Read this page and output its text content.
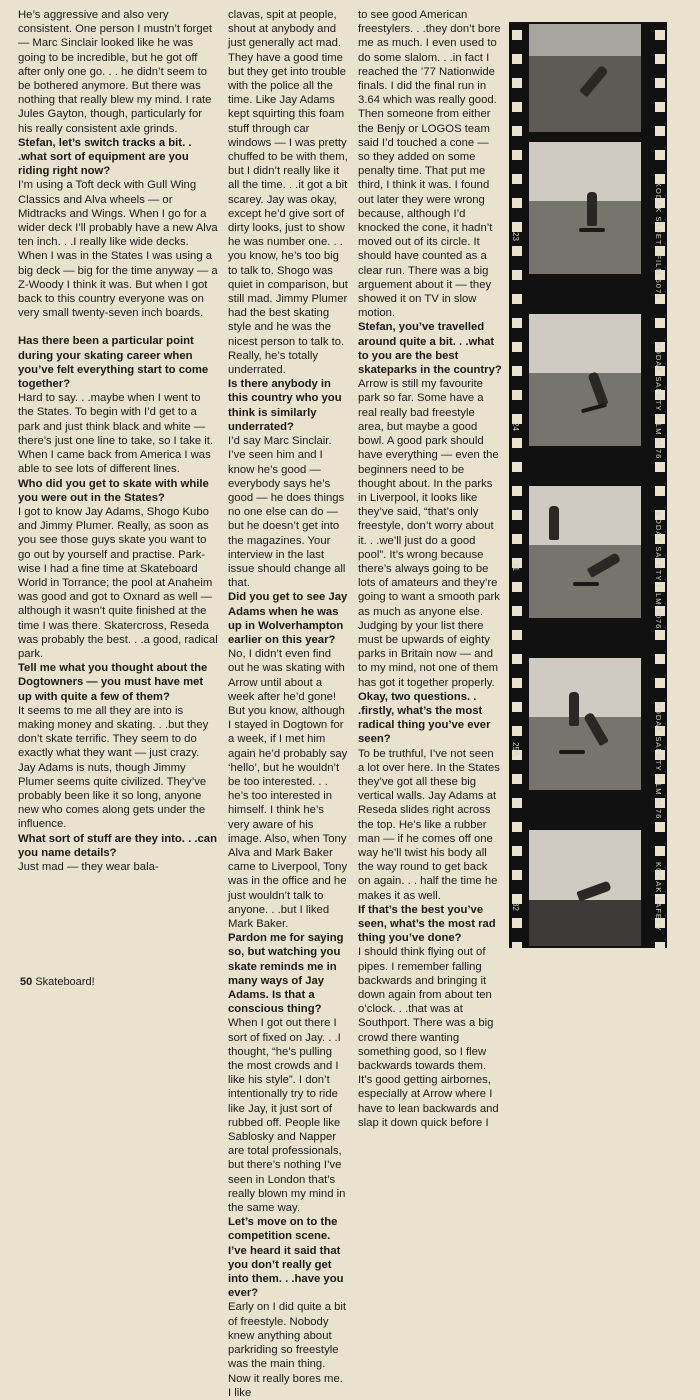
He’s aggressive and also very consistent. One person I mustn’t forget — Marc Sinclair looked like he was going to be incredible, but he got off after only one go. . . he didn’t seem to be bothered anymore. But there was nothing that really blew my mind. I rate Jules Gayton, though, particularly for his really consistent axle grinds.

Stefan, let’s switch tracks a bit. . .what sort of equipment are you riding right now?

I’m using a Toft deck with Gull Wing Classics and Alva wheels — or Midtracks and Wings. When I go for a wider deck I’ll probably have a new Alva ten inch. . .I really like wide decks. When I was in the States I was using a big deck — big for the time anyway — a Z-Woody I think it was. But when I got back to this country everyone was on very small twenty-seven inch boards.

Has there been a particular point during your skating career when you’ve felt everything start to come together?

Hard to say. . .maybe when I went to the States. To begin with I’d get to a park and just think black and white — there’s just one line to take, so I take it. When I came back from America I was able to see lots of different lines.

Who did you get to skate with while you were out in the States?

I got to know Jay Adams, Shogo Kubo and Jimmy Plumer. Really, as soon as you see those guys skate you want to go out by yourself and practise. Park-wise I had a fine time at Skateboard World in Torrance; the pool at Anaheim was good and got to Oxnard as well — although it wasn’t quite finished at the time I was there. Skatercross, Reseda was probably the best. . .a good, radical park.

Tell me what you thought about the Dogtowners — you must have met up with quite a few of them?

It seems to me all they are into is making money and skating. . .but they don’t skate terrific. They seem to do exactly what they want — just crazy. Jay Adams is nuts, though Jimmy Plumer seems quite civilized. They’ve probably been like it so long, anyone new who comes along gets under the influence.

What sort of stuff are they into. . .can you name details?

Just mad — they wear bala-

clavas, spit at people, shout at anybody and just generally act mad. They have a good time but they get into trouble with the police all the time. Like Jay Adams kept squirting this foam stuff through car windows — I was pretty chuffed to be with them, but I didn’t really like it all the time. . .it got a bit scarey. Jay was okay, except he’d give sort of dirty looks, just to show he was number one. . . you know, he’s too big to talk to. Shogo was quiet in comparison, but still mad. Jimmy Plumer had the best skating style and he was the nicest person to talk to. Really, he’s totally underrated.

Is there anybody in this country who you think is similarly underrated?

I’d say Marc Sinclair. I’ve seen him and I know he’s good — everybody says he’s good — he does things no one else can do — but he doesn’t get into the magazines. Your interview in the last issue should change all that.

Did you get to see Jay Adams when he was up in Wolverhampton earlier on this year?

No, I didn’t even find out he was skating with Arrow until about a week after he’d gone! But you know, although I stayed in Dogtown for a week, if I met him again he’d probably say ‘hello’, but he wouldn’t be too interested. . . he’s too interested in himself. I think he’s very aware of his image. Also, when Tony Alva and Mark Baker came to Liverpool, Tony was in the office and he just wouldn’t talk to anyone. . .but I liked Mark Baker.

Pardon me for saying so, but watching you skate reminds me in many ways of Jay Adams. Is that a conscious thing?

When I got out there I sort of fixed on Jay. . .I thought, “he’s pulling the most crowds and I like his style”. I don’t intentionally try to ride like Jay, it just sort of rubbed off. People like Sablosky and Napper are total professionals, but there’s nothing I’ve seen in London that’s really blown my mind in the same way.

Let’s move on to the competition scene. I’ve heard it said that you don’t really get into them. . .have you ever?

Early on I did quite a bit of freestyle. Nobody knew anything about parkriding so freestyle was the main thing. Now it really bores me. I like

to see good American freestylers. . .they don’t bore me as much. I even used to do some slalom. . .in fact I reached the ’77 Nationwide finals. I did the final run in 3.64 which was really good. Then someone from either the Benjy or LOGOS team said I’d touched a cone — so they added on some penalty time. That put me third, I think it was. I found out later they were wrong because, although I’d knocked the cone, it hadn’t moved out of its circle. It should have counted as a clear run. There was a big arguement about it — they showed it on TV in slow motion.

Stefan, you’ve travelled around quite a bit. . .what to you are the best skateparks in the country?

Arrow is still my favourite park so far. Some have a real really bad freestyle area, but maybe a good bowl. A good park should have everything — even the beginners need to be thought about. In the parks in Liverpool, it looks like they’ve said, “that’s only freestyle, don’t worry about it. . .we’ll just do a good pool”. It’s wrong because there’s always going to be lots of amateurs and they’re going to want a smooth park as much as anyone else. Judging by your list there must be upwards of eighty parks in Britain now — and to my mind, not one of them has got it together properly.

Okay, two questions. . .firstly, what’s the most radical thing you’ve ever seen?

To be truthful, I’ve not seen a lot over here. In the States they’ve got all these big vertical walls. Jay Adams at Reseda slides right across the top. He’s like a rubber man — if he comes off one way he’ll twist his body all the way round to get back on again. . . half the time he makes it as well.

If that’s the best you’ve seen, what’s the most rad thing you’ve done?

I should think flying out of pipes. I remember falling backwards and bringing it down again from about ten o’clock. . .that was at Southport. There was a big crowd there wanting something good, so I flew backwards towards them. It’s good getting airbornes, especially at Arrow where I have to lean backwards and slap it down quick before I

KODAK SAFETY FILM 5076
23
KODAK SAFETY FILM 5076
24
KODAK SAFETY FILM 5076
31
KODAK SAFETY FILM 5076
25A
KODAK SAFETY
32
50 Skateboard!
